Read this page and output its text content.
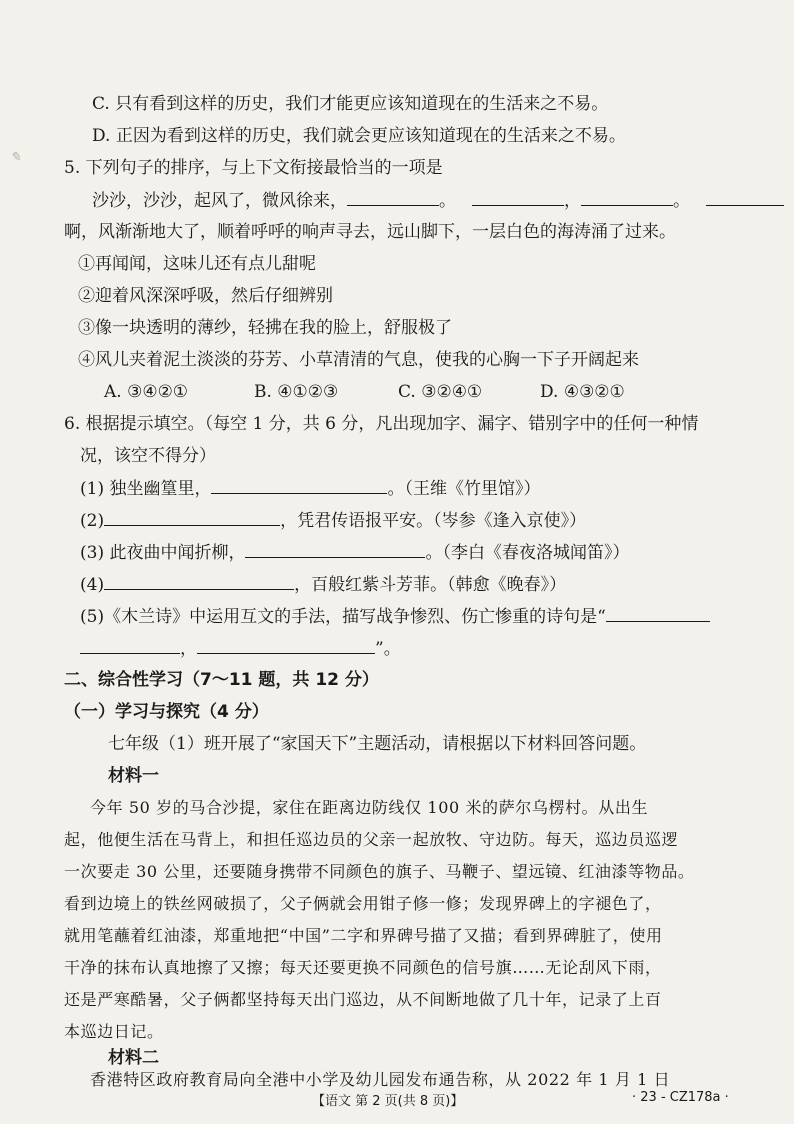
✎
C. 只有看到这样的历史，我们才能更应该知道现在的生活来之不易。
D. 正因为看到这样的历史，我们就会更应该知道现在的生活来之不易。
5. 下列句子的排序，与上下文衔接最恰当的一项是
沙沙，沙沙，起风了，微风徐来，	。	，	。
啊，风渐渐地大了，顺着呼呼的响声寻去，远山脚下，一层白色的海涛涌了过来。
①再闻闻，这味儿还有点儿甜呢
②迎着风深深呼吸，然后仔细辨别
③像一块透明的薄纱，轻拂在我的脸上，舒服极了
④风儿夹着泥土淡淡的芬芳、小草清清的气息，使我的心胸一下子开阔起来
A. ③④②①	B. ④①②③	C. ③②④①	D. ④③②①
6. 根据提示填空。（每空 1 分，共 6 分，凡出现加字、漏字、错别字中的任何一种情
况，该空不得分）
(1) 独坐幽篁里，	。（王维《竹里馆》）
(2)	，凭君传语报平安。（岑参《逢入京使》）
(3) 此夜曲中闻折柳，	。（李白《春夜洛城闻笛》）
(4)	，百般红紫斗芳菲。（韩愈《晚春》）
(5)《木兰诗》中运用互文的手法，描写战争惨烈、伤亡惨重的诗句是“
，	”。
二、综合性学习（7～11 题，共 12 分）
（一）学习与探究（4 分）
七年级（1）班开展了“家国天下”主题活动，请根据以下材料回答问题。
材料一
今年 50 岁的马合沙提，家住在距离边防线仅 100 米的萨尔乌楞村。从出生
起，他便生活在马背上，和担任巡边员的父亲一起放牧、守边防。每天，巡边员巡逻
一次要走 30 公里，还要随身携带不同颜色的旗子、马鞭子、望远镜、红油漆等物品。
看到边境上的铁丝网破损了，父子俩就会用钳子修一修；发现界碑上的字褪色了，
就用笔蘸着红油漆，郑重地把“中国”二字和界碑号描了又描；看到界碑脏了，使用
干净的抹布认真地擦了又擦；每天还要更换不同颜色的信号旗……无论刮风下雨，
还是严寒酷暑，父子俩都坚持每天出门巡边，从不间断地做了几十年，记录了上百
本巡边日记。
材料二
香港特区政府教育局向全港中小学及幼儿园发布通告称，从 2022 年 1 月 1 日
【语文 第 2 页(共 8 页)】	· 23 - CZ178a ·
